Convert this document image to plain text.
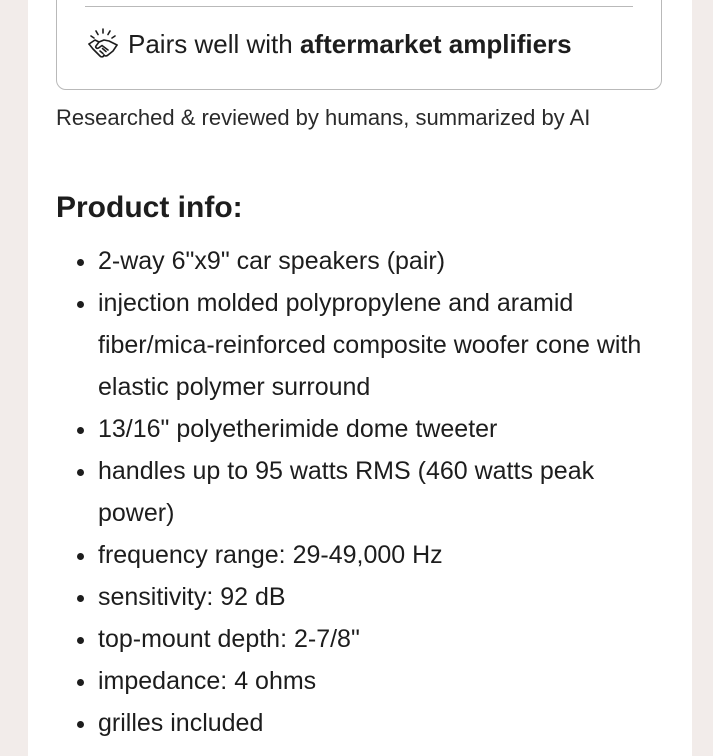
Pairs well with
aftermarket amplifiers
Researched & reviewed by humans, summarized by AI
Product info:
2-way 6"x9" car speakers (pair)
injection molded polypropylene and aramid fiber/mica-reinforced composite woofer cone with elastic polymer surround
13/16" polyetherimide dome tweeter
handles up to 95 watts RMS (460 watts peak power)
frequency range: 29-49,000 Hz
sensitivity: 92 dB
top-mount depth: 2-7/8"
impedance: 4 ohms
grilles included
